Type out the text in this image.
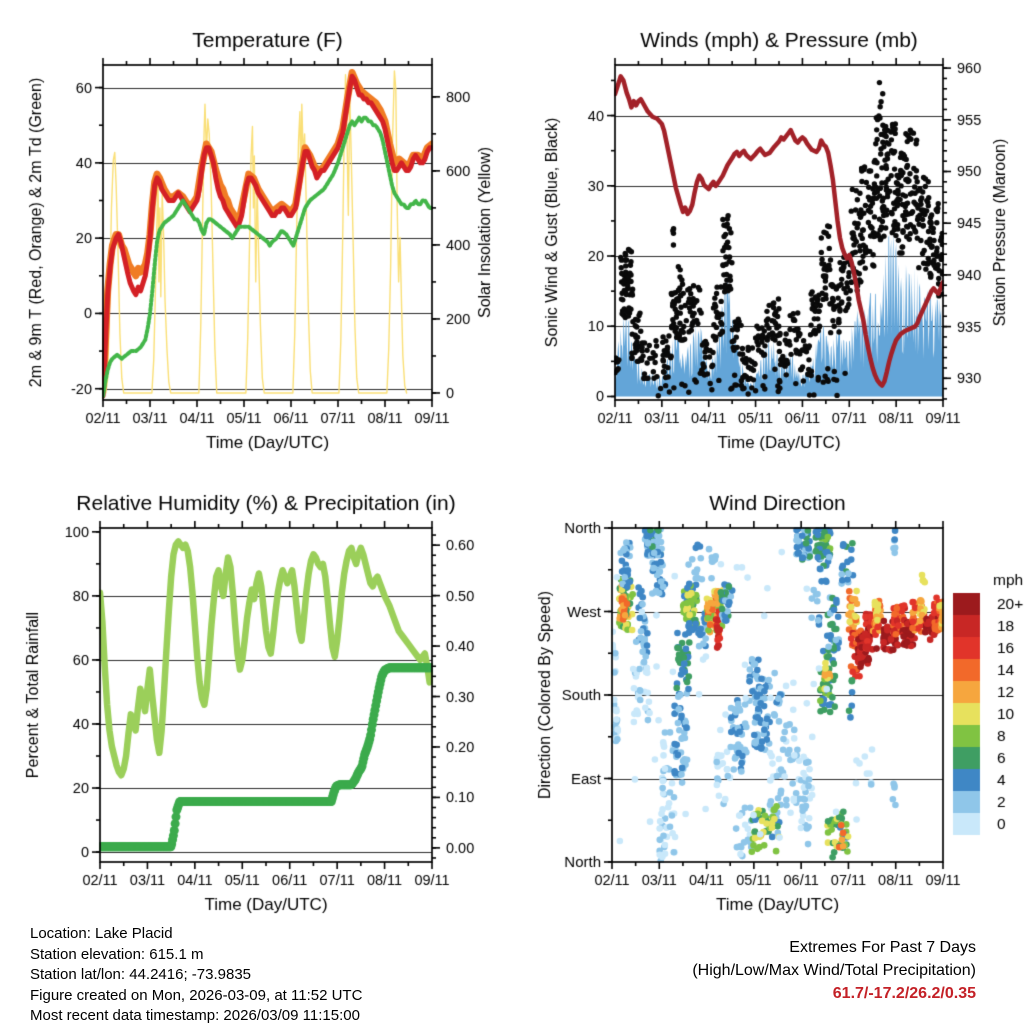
Location: Lake Placid

Station elevation: 615.1 m

Station lat/lon: 44.2416; -73.9835

Figure created on Mon, 2026-03-09, at 11:52 UTC

Most recent data timestamp: 2026/03/09 11:15:00

Extremes For Past 7 Days

(High/Low/Max Wind/Total Precipitation)

61.7/-17.2/26.2/0.35
